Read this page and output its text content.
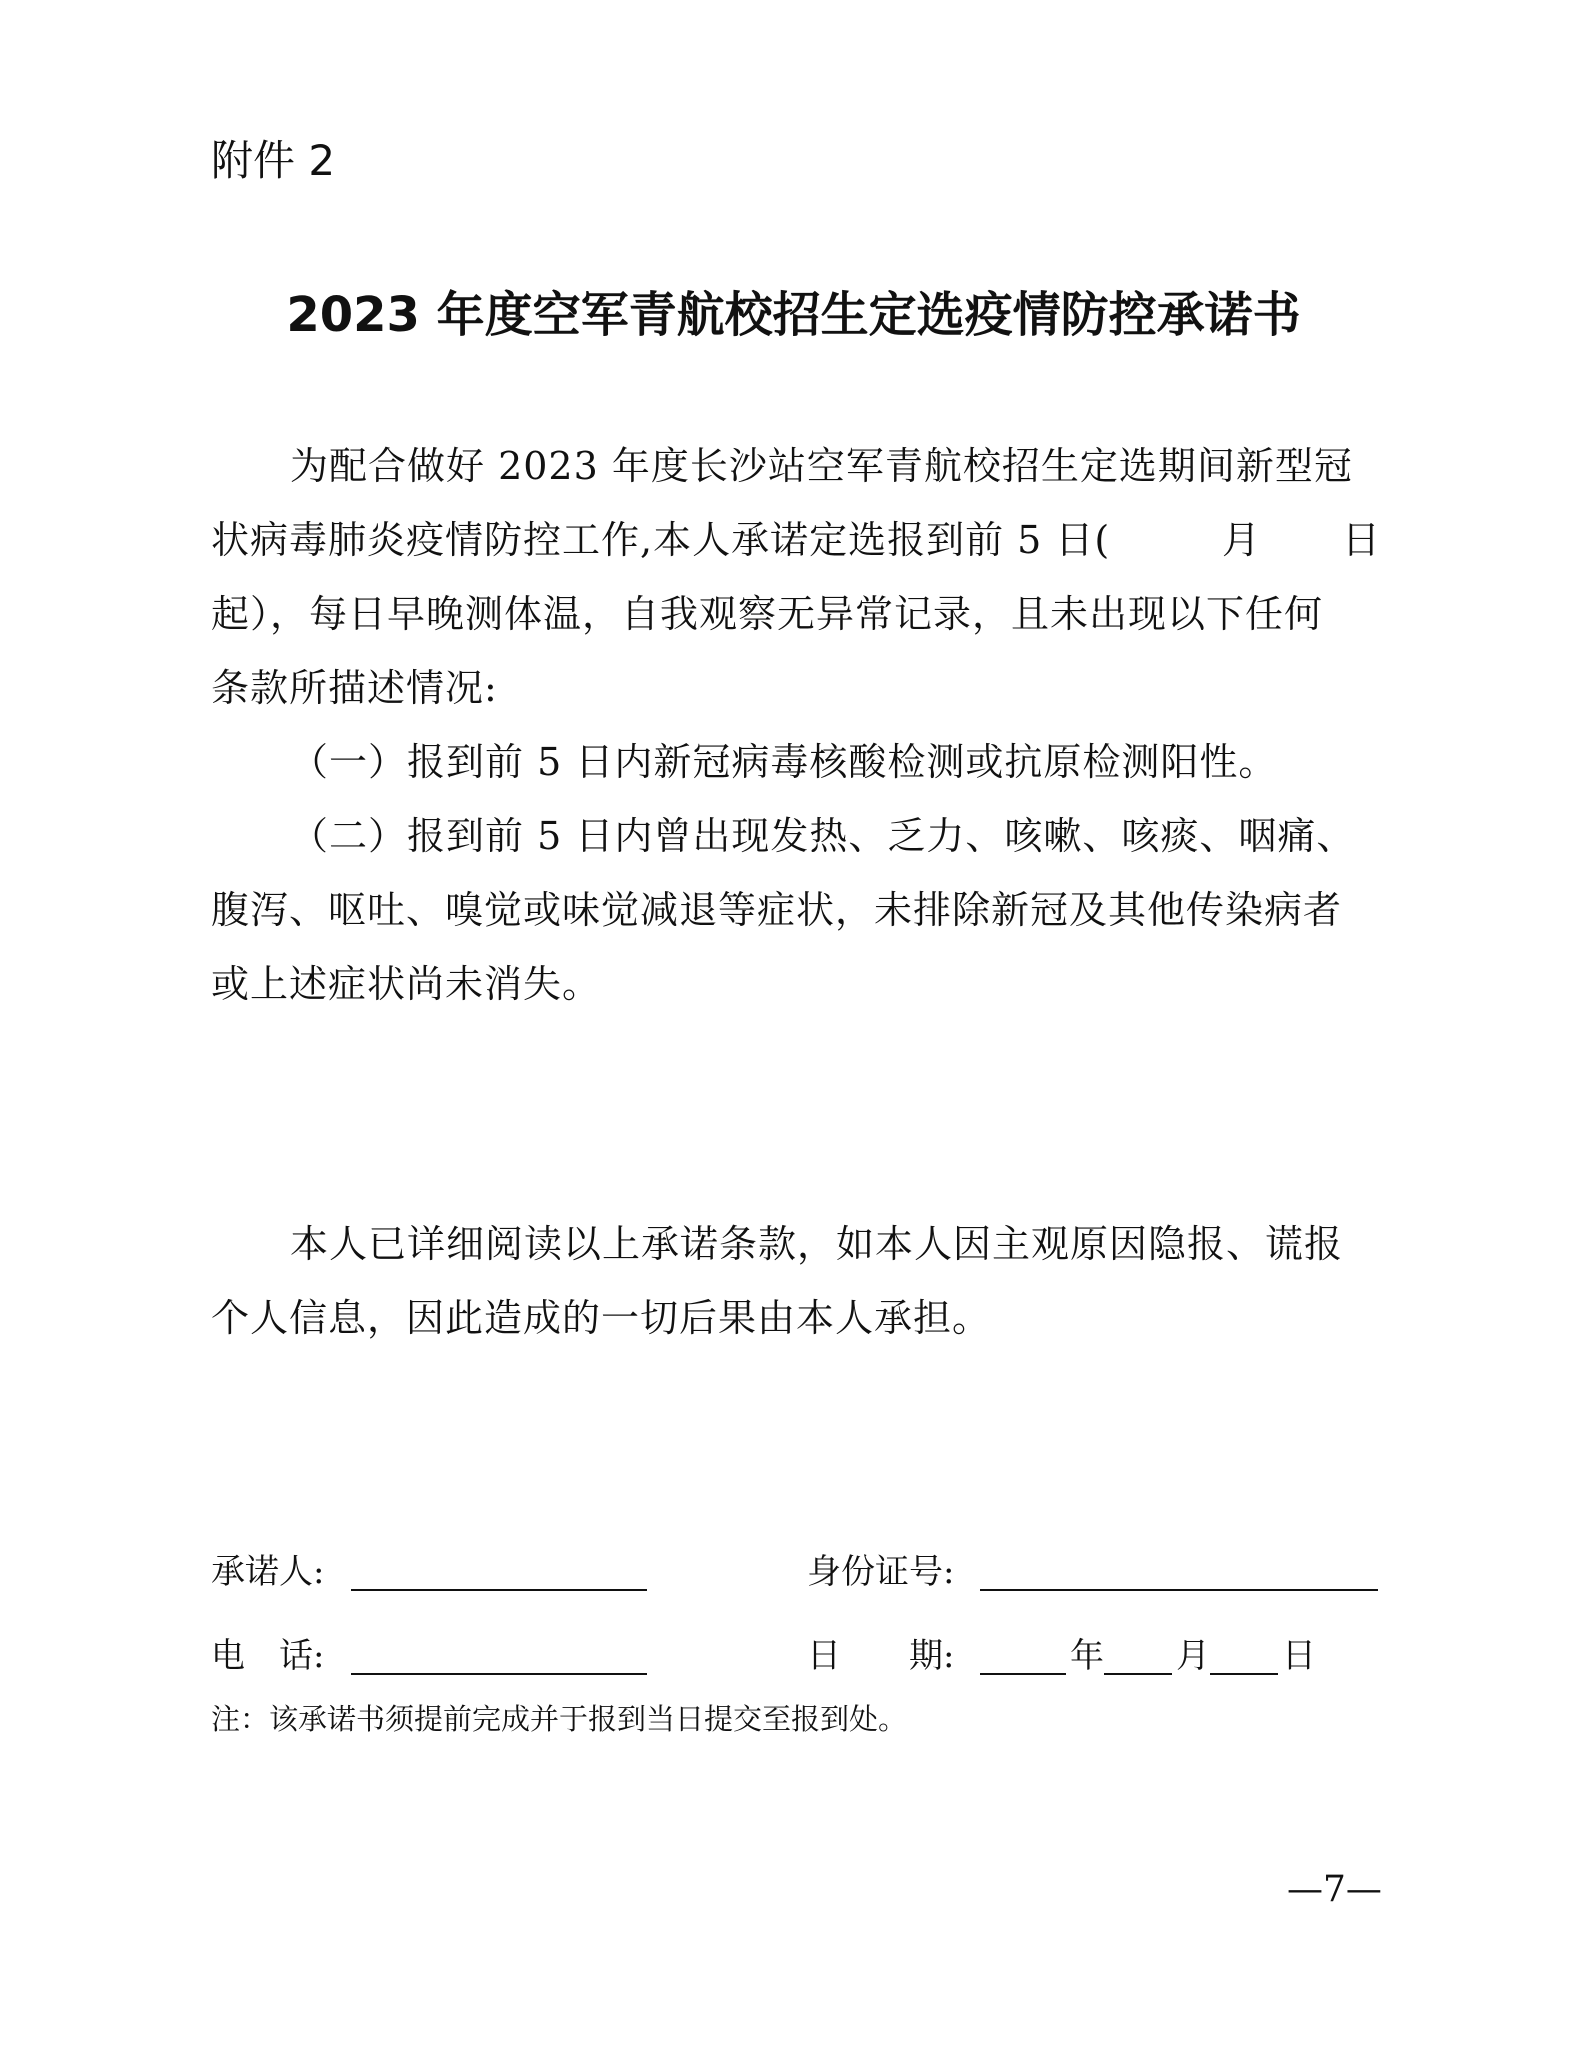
附件 2
2023 年度空军青航校招生定选疫情防控承诺书
为配合做好 2023 年度长沙站空军青航校招生定选期间新型冠
状病毒肺炎疫情防控工作,本人承诺定选报到前 5 日(	月 日
起），每日早晚测体温，自我观察无异常记录，且未出现以下任何
条款所描述情况:
（一）报到前 5 日内新冠病毒核酸检测或抗原检测阳性。
（二）报到前 5 日内曾出现发热、乏力、咳嗽、咳痰、咽痛、
腹泻、呕吐、嗅觉或味觉减退等症状，未排除新冠及其他传染病者
或上述症状尚未消失。
本人已详细阅读以上承诺条款，如本人因主观原因隐报、谎报
个人信息，因此造成的一切后果由本人承担。
承诺人:	身份证号:
电　话:	日　　期:	年 月 日
注：该承诺书须提前完成并于报到当日提交至报到处。
—7—
